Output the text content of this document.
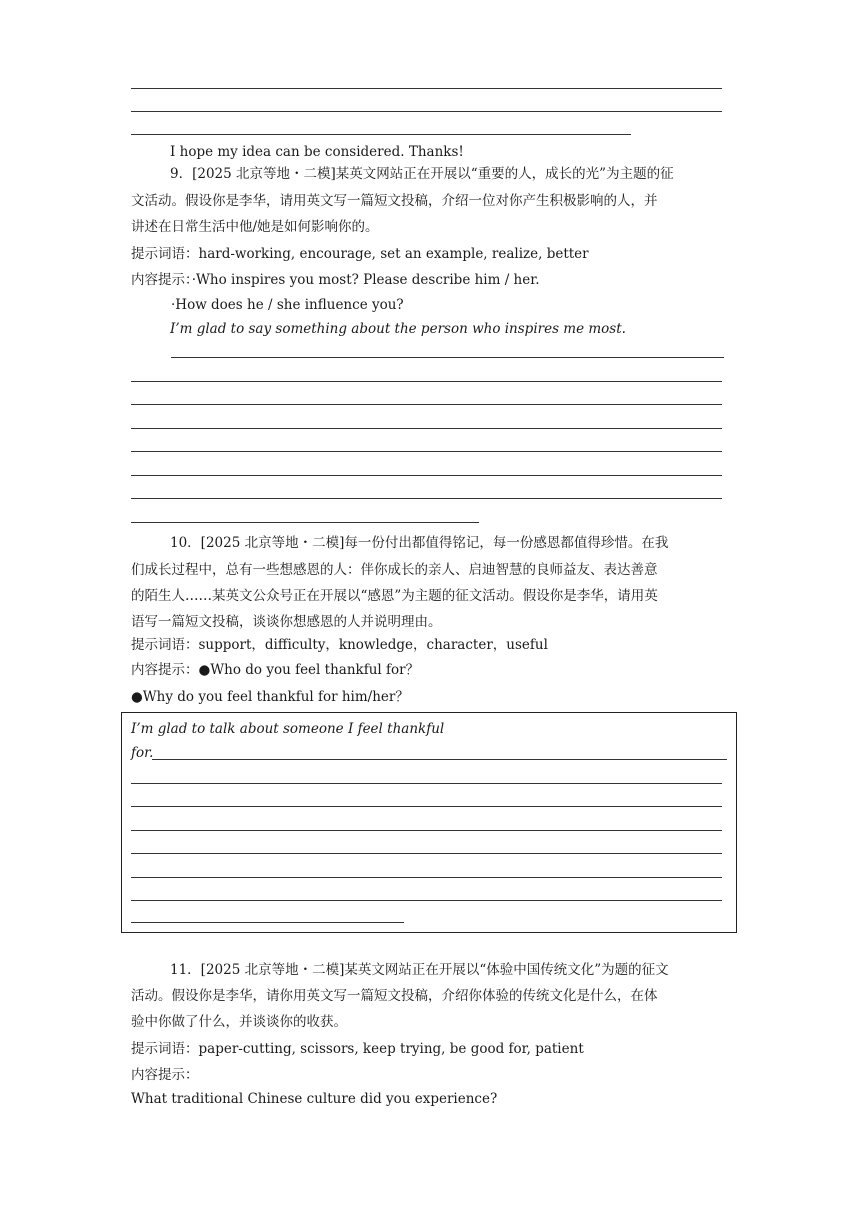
I hope my idea can be considered. Thanks!
9．[2025 北京等地・二模]某英文网站正在开展以“重要的人，成长的光”为主题的征
文活动。假设你是李华，请用英文写一篇短文投稿，介绍一位对你产生积极影响的人，并
讲述在日常生活中他/她是如何影响你的。
提示词语：hard-working, encourage, set an example, realize, better
内容提示：·Who inspires you most? Please describe him / her.
·How does he / she influence you?
I’m glad to say something about the person who inspires me most.
10．[2025 北京等地・二模]每一份付出都值得铭记，每一份感恩都值得珍惜。在我
们成长过程中，总有一些想感恩的人：伴你成长的亲人、启迪智慧的良师益友、表达善意
的陌生人……某英文公众号正在开展以“感恩”为主题的征文活动。假设你是李华，请用英
语写一篇短文投稿，谈谈你想感恩的人并说明理由。
提示词语：support，difficulty，knowledge，character，useful
内容提示：●Who do you feel thankful for？
●Why do you feel thankful for him/her？
I’m glad to talk about someone I feel thankful
for.
11．[2025 北京等地・二模]某英文网站正在开展以“体验中国传统文化”为题的征文
活动。假设你是李华，请你用英文写一篇短文投稿，介绍你体验的传统文化是什么，在体
验中你做了什么，并谈谈你的收获。
提示词语：paper-cutting, scissors, keep trying, be good for, patient
内容提示：
What traditional Chinese culture did you experience?
